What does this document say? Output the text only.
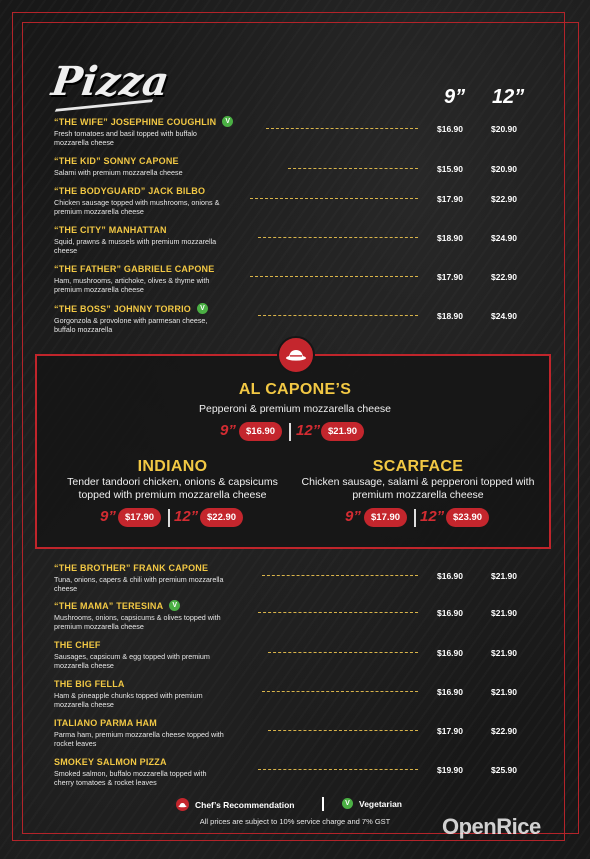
Pizza	9” 12”
“THE WIFE” JOSEPHINE COUGHLIN	V
Fresh tomatoes and basil topped with buffalo mozzarella cheese
$16.90	$20.90
“THE KID” SONNY CAPONE
Salami with premium mozzarella cheese	$15.90	$20.90
“THE BODYGUARD” JACK BILBO
Chicken sausage topped with mushrooms, onions & premium mozzarella cheese
$17.90	$22.90
“THE CITY” MANHATTAN
Squid, prawns & mussels with premium mozzarella cheese
$18.90	$24.90
“THE FATHER” GABRIELE CAPONE
Ham, mushrooms, artichoke, olives & thyme with premium mozzarella cheese
$17.90	$22.90
“THE BOSS” JOHNNY TORRIO	V
Gorgonzola & provolone with parmesan cheese, buffalo mozzarella
$18.90	$24.90
AL CAPONE’S
Pepperoni & premium mozzarella cheese
9”	$16.90	12” $21.90
INDIANO
Tender tandoori chicken, onions & capsicums
topped with premium mozzarella cheese
9” $17.90	12” $22.90
SCARFACE
Chicken sausage, salami & pepperoni topped with
premium mozzarella cheese
9”	$17.90	12” $23.90
“THE BROTHER” FRANK CAPONE
Tuna, onions, capers & chili with premium mozzarella cheese
$16.90	$21.90
“THE MAMA” TERESINA	V
Mushrooms, onions, capsicums & olives topped with premium mozzarella cheese
$16.90	$21.90
THE CHEF
Sausages, capsicum & egg topped with premium mozzarella cheese
$16.90	$21.90
THE BIG FELLA
Ham & pineapple chunks topped with premium mozzarella cheese
$16.90	$21.90
ITALIANO PARMA HAM
Parma ham, premium mozzarella cheese topped with rocket leaves
$17.90	$22.90
SMOKEY SALMON PIZZA
Smoked salmon, buffalo mozzarella topped with cherry tomatoes & rocket leaves
$19.90	$25.90
Chef’s Recommendation	V	Vegetarian
All prices are subject to 10% service charge and 7% GST	OpenRice
